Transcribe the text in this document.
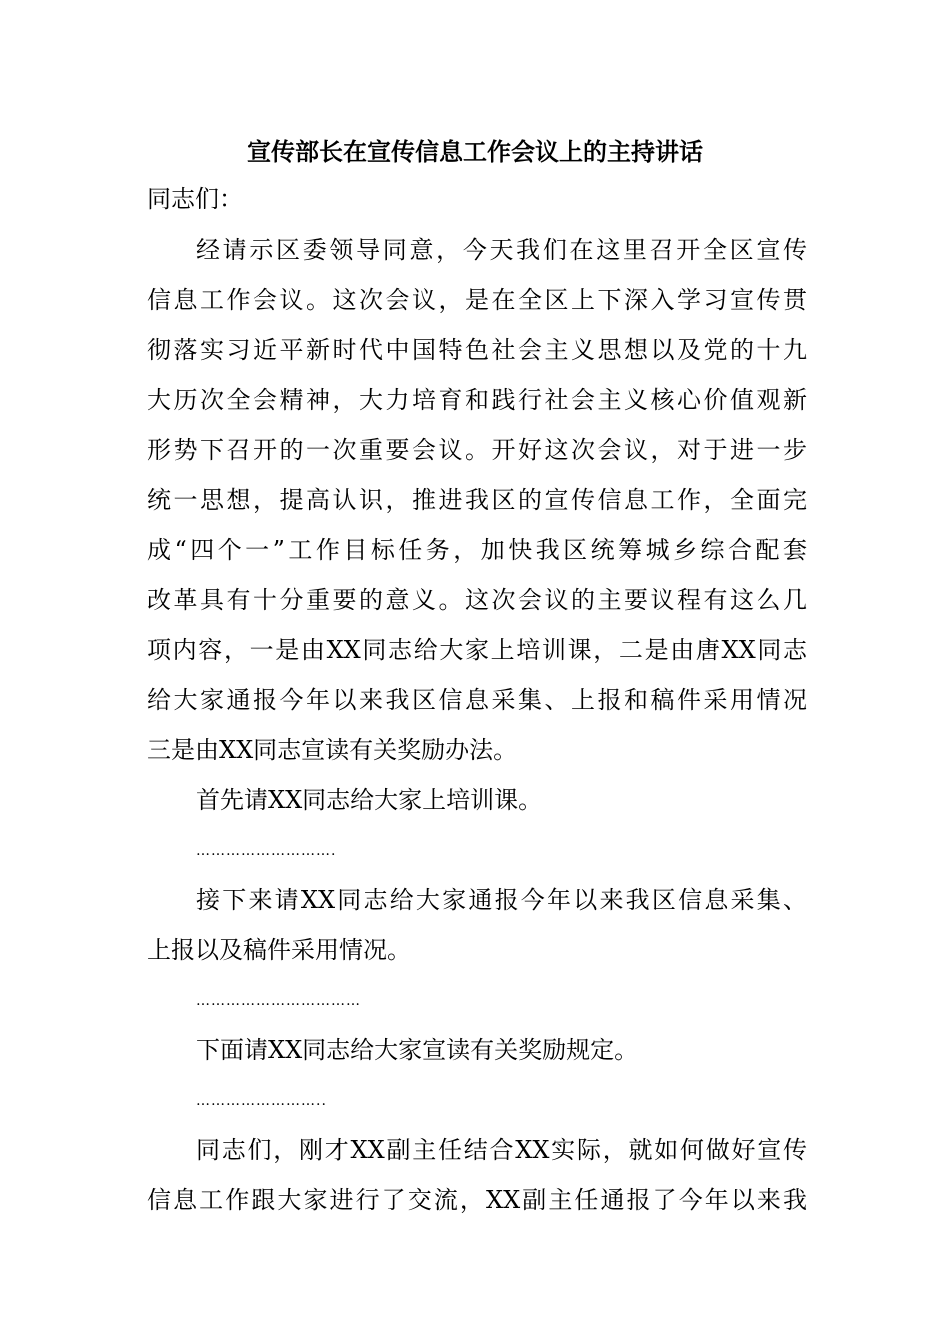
宣传部长在宣传信息工作会议上的主持讲话
同志们：
经请示区委领导同意，今天我们在这里召开全区宣传
信息工作会议。这次会议，是在全区上下深入学习宣传贯
彻落实习近平新时代中国特色社会主义思想以及党的十九
大历次全会精神，大力培育和践行社会主义核心价值观新
形势下召开的一次重要会议。开好这次会议，对于进一步
统一思想，提高认识，推进我区的宣传信息工作，全面完
成“四个一”工作目标任务，加快我区统筹城乡综合配套
改革具有十分重要的意义。这次会议的主要议程有这么几
项内容，一是由XX同志给大家上培训课，二是由唐XX同志
给大家通报今年以来我区信息采集、上报和稿件采用情况
三是由XX同志宣读有关奖励办法。
首先请XX同志给大家上培训课。
……………………….
接下来请XX同志给大家通报今年以来我区信息采集、
上报以及稿件采用情况。
……………………………
下面请XX同志给大家宣读有关奖励规定。
……………………..
同志们，刚才XX副主任结合XX实际，就如何做好宣传
信息工作跟大家进行了交流，XX副主任通报了今年以来我
